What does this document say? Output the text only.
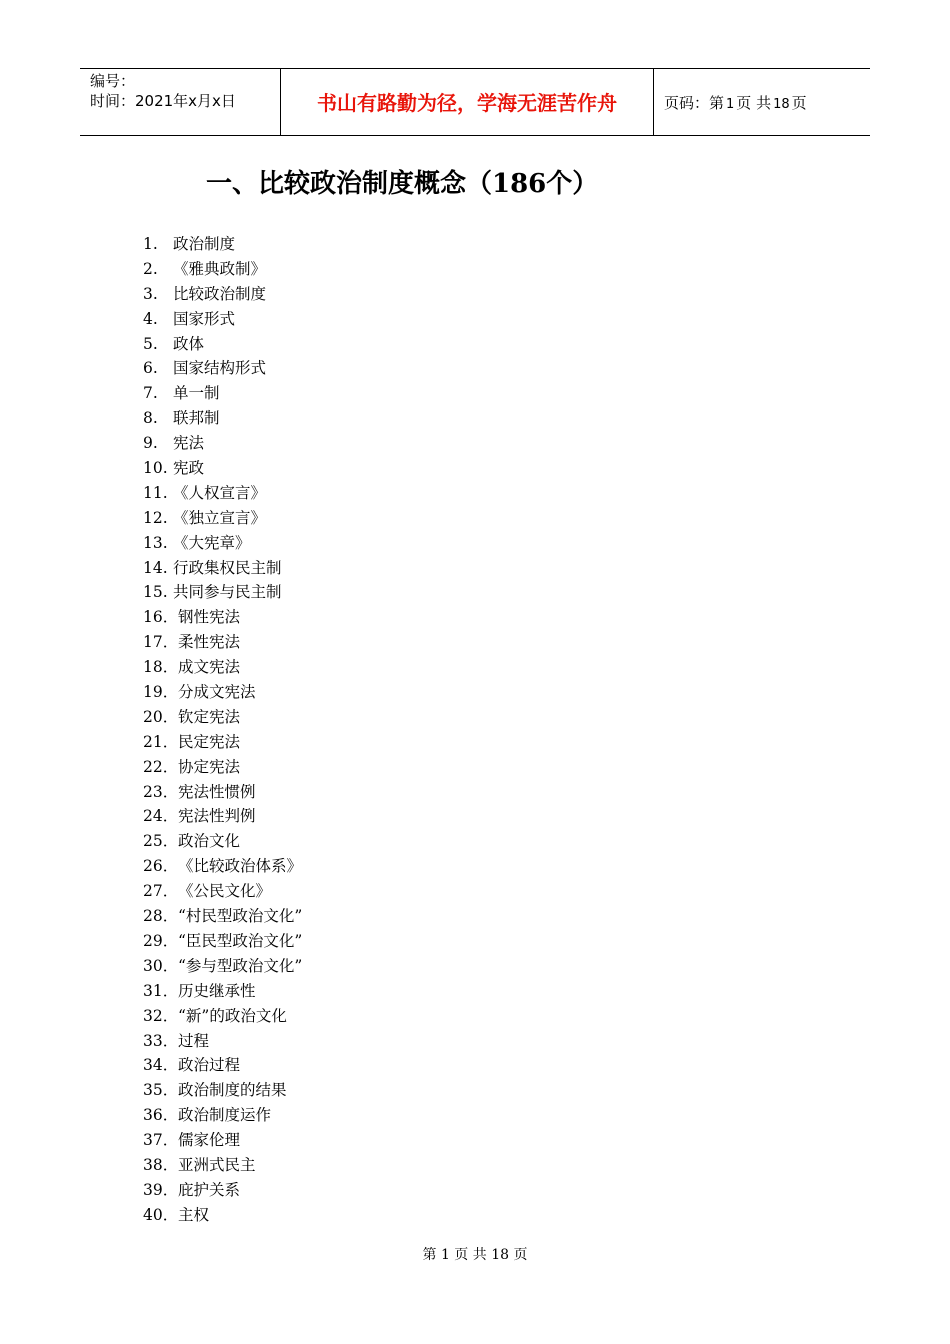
编号：
时间：2021年x月x日	书山有路勤为径，学海无涯苦作舟	页码：第 1 页 共 18 页
一、比较政治制度概念（186个）
1. 政治制度
2. 《雅典政制》
3. 比较政治制度
4. 国家形式
5. 政体
6. 国家结构形式
7. 单一制
8. 联邦制
9. 宪法
10. 宪政
11. 《人权宣言》
12. 《独立宣言》
13. 《大宪章》
14. 行政集权民主制
15. 共同参与民主制
16．钢性宪法
17．柔性宪法
18．成文宪法
19．分成文宪法
20．钦定宪法
21．民定宪法
22．协定宪法
23．宪法性惯例
24．宪法性判例
25．政治文化
26．《比较政治体系》
27．《公民文化》
28．“村民型政治文化”
29．“臣民型政治文化”
30．“参与型政治文化”
31．历史继承性
32．“新”的政治文化
33．过程
34．政治过程
35．政治制度的结果
36．政治制度运作
37．儒家伦理
38．亚洲式民主
39．庇护关系
40．主权
第 1 页 共 18 页
